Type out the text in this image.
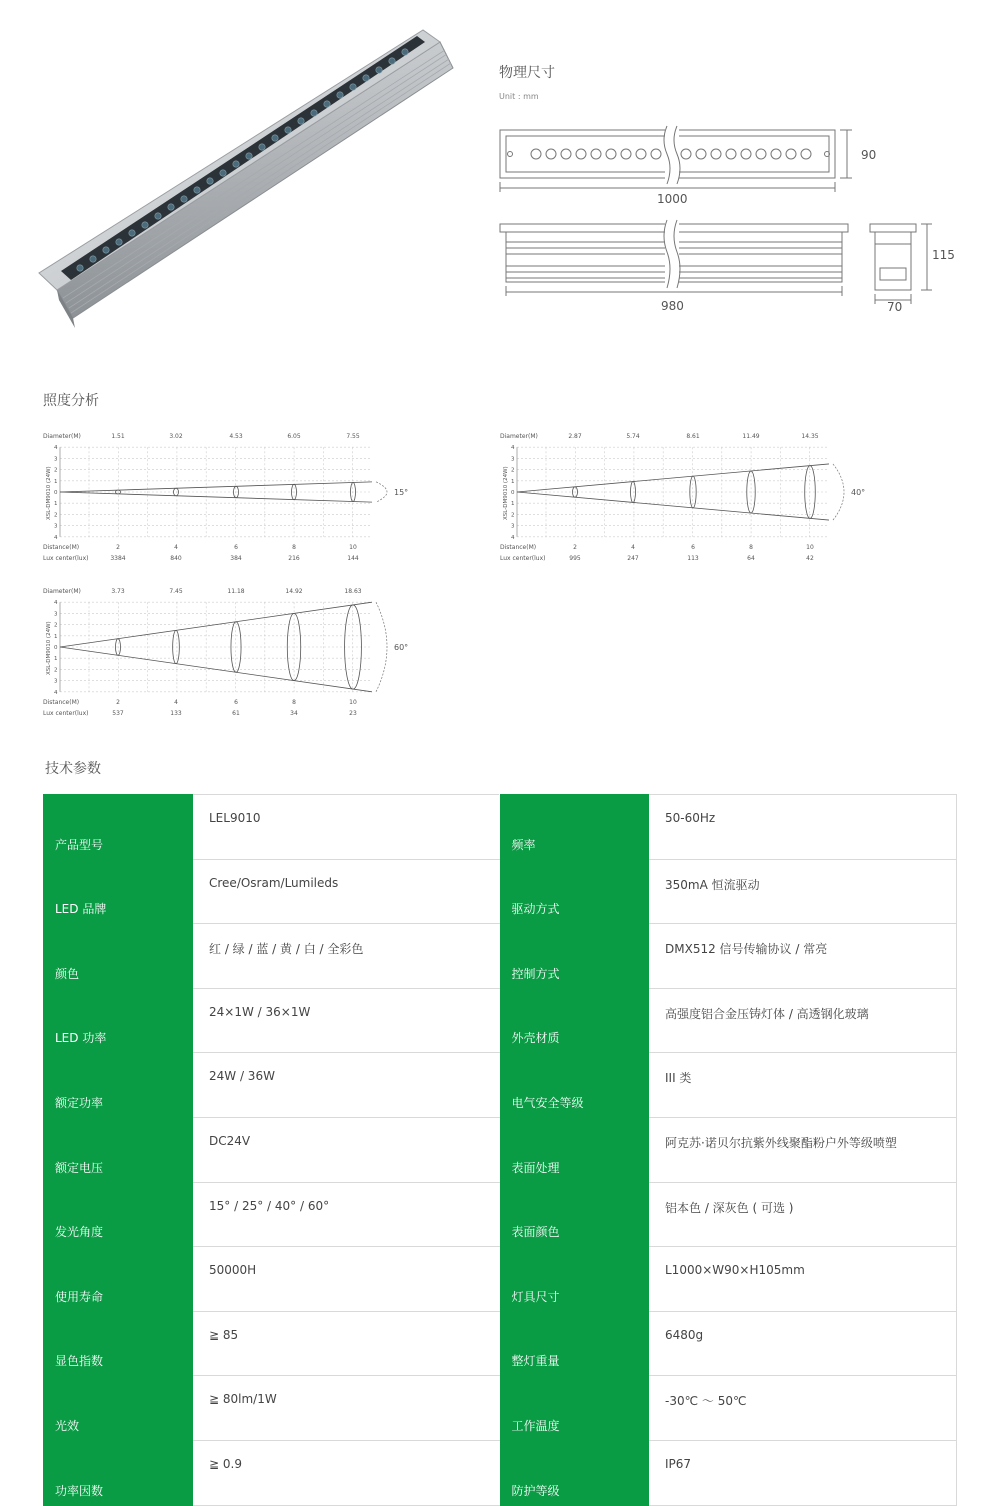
物理尺寸
Unit : mm
1000
90
980
115
70
照度分析
Diameter(M)
Distance(M)
Lux center(lux)
XSL-DM9010 (24W)
4
3
2
1
0
1
2
3
4
1.51
2
3384
3.02
4
840
4.53
6
384
6.05
8
216
7.55
10
144
15°
Diameter(M)
Distance(M)
Lux center(lux)
XSL-DM9010 (24W)
4
3
2
1
0
1
2
3
4
2.87
2
995
5.74
4
247
8.61
6
113
11.49
8
64
14.35
10
42
40°
Diameter(M)
Distance(M)
Lux center(lux)
XSL-DM9010 (24W)
4
3
2
1
0
1
2
3
4
3.73
2
537
7.45
4
133
11.18
6
61
14.92
8
34
18.63
10
23
60°
技术参数
产品型号	LEL9010	频率	50-60Hz
LED 品牌	Cree/Osram/Lumileds	驱动方式	350mA 恒流驱动
颜色	红 / 绿 / 蓝 / 黄 / 白 / 全彩色	控制方式	DMX512 信号传输协议 / 常亮
LED 功率	24×1W / 36×1W	外壳材质	高强度铝合金压铸灯体 / 高透钢化玻璃
额定功率	24W / 36W	电气安全等级	III 类
额定电压	DC24V	表面处理	阿克苏·诺贝尔抗紫外线聚酯粉户外等级喷塑
发光角度	15° / 25° / 40° / 60°	表面颜色	铝本色 / 深灰色 ( 可选 )
使用寿命	50000H	灯具尺寸	L1000×W90×H105mm
显色指数	≧ 85	整灯重量	6480g
光效	≧ 80lm/1W	工作温度	-30℃ ～ 50℃
功率因数	≧ 0.9	防护等级	IP67
